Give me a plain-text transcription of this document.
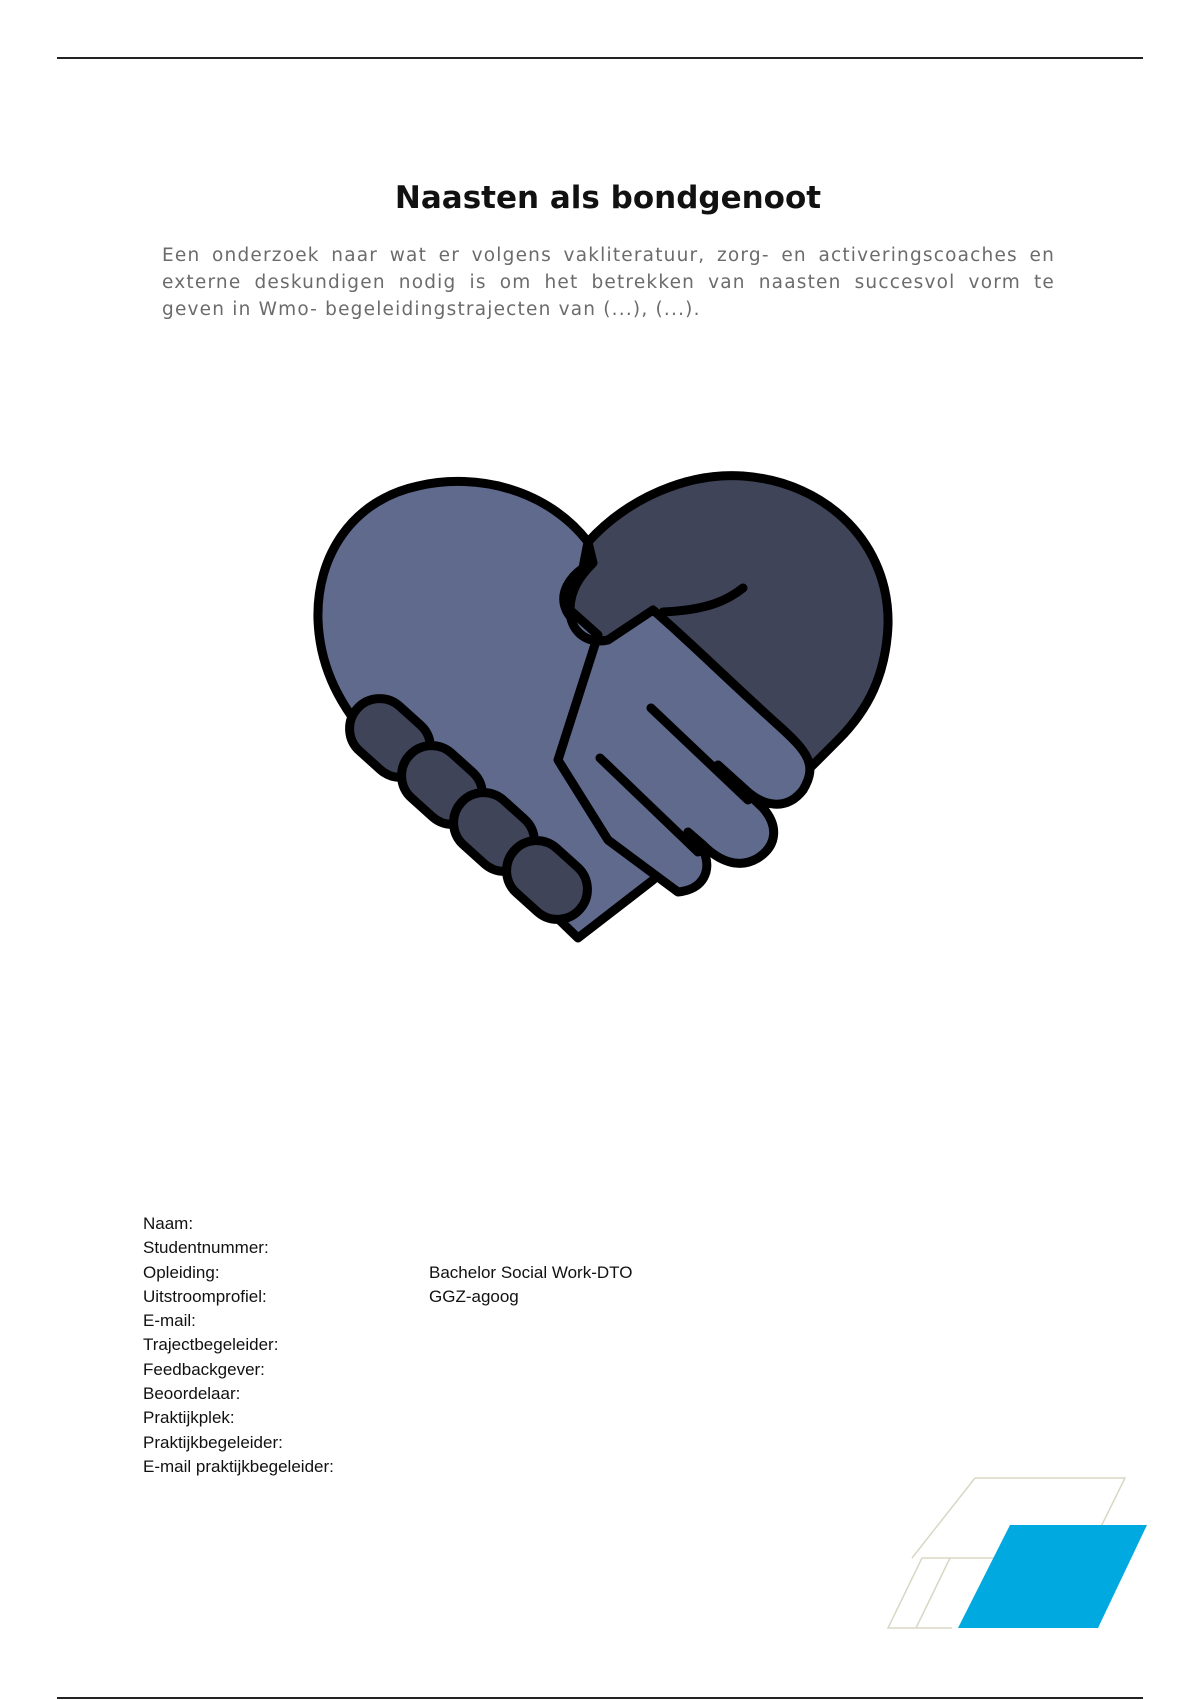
Naasten als bondgenoot

Een onderzoek naar wat er volgens vakliteratuur, zorg- en activeringscoaches en externe deskundigen nodig is om het betrekken van naasten succesvol vorm te geven in Wmo- begeleidingstrajecten van (...), (...).

Naam:
Studentnummer:
Opleiding:	Bachelor Social Work-DTO
Uitstroomprofiel:	GGZ-agoog
E-mail:
Trajectbegeleider:
Feedbackgever:
Beoordelaar:
Praktijkplek:
Praktijkbegeleider:
E-mail praktijkbegeleider:
